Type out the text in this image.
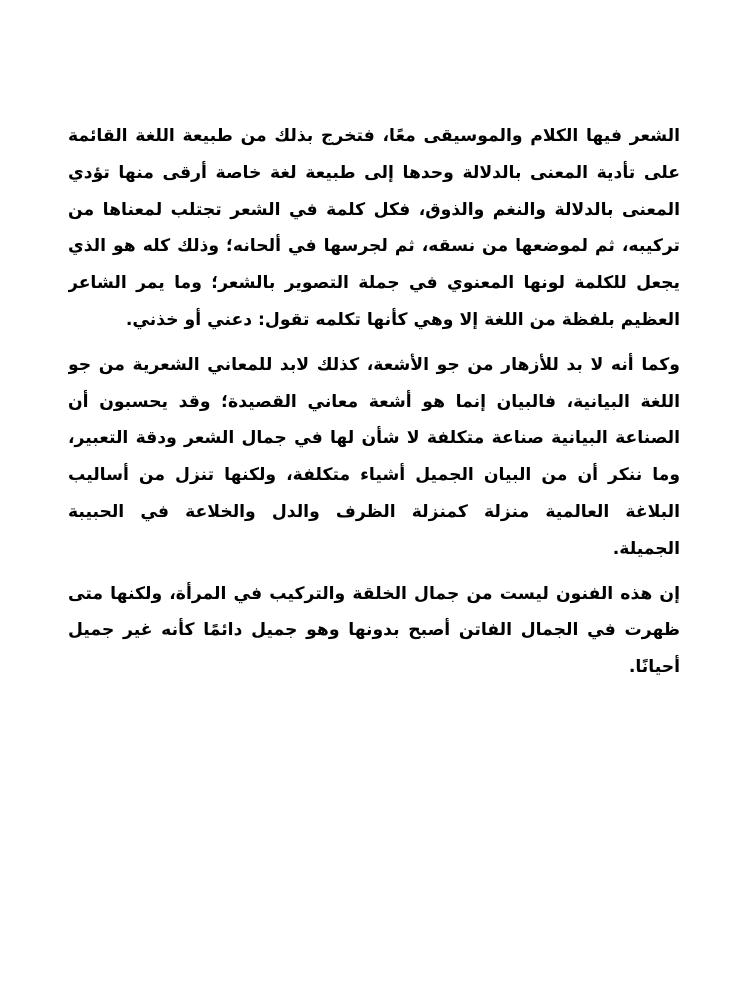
الشعر فيها الكلام والموسيقى معًا، فتخرج بذلك من طبيعة اللغة القائمة
على تأدية المعنى بالدلالة وحدها إلى طبيعة لغة خاصة أرقى منها تؤدي
المعنى بالدلالة والنغم والذوق، فكل كلمة في الشعر تجتلب لمعناها من
تركيبه، ثم لموضعها من نسقه، ثم لجرسها في ألحانه؛ وذلك كله هو الذي
يجعل للكلمة لونها المعنوي في جملة التصوير بالشعر؛ وما يمر الشاعر
العظيم بلفظة من اللغة إلا وهي كأنها تكلمه تقول: دعني أو خذني.

وكما أنه لا بد للأزهار من جو الأشعة، كذلك لابد للمعاني الشعرية من جو
اللغة البيانية، فالبيان إنما هو أشعة معاني القصيدة؛ وقد يحسبون أن
الصناعة البيانية صناعة متكلفة لا شأن لها في جمال الشعر ودقة التعبير،
وما ننكر أن من البيان الجميل أشياء متكلفة، ولكنها تنزل من أساليب
البلاغة العالمية منزلة كمنزلة الظرف والدل والخلاعة في الحبيبة
الجميلة.

إن هذه الفنون ليست من جمال الخلقة والتركيب في المرأة، ولكنها متى
ظهرت في الجمال الفاتن أصبح بدونها وهو جميل دائمًا كأنه غير جميل
أحيانًا.
